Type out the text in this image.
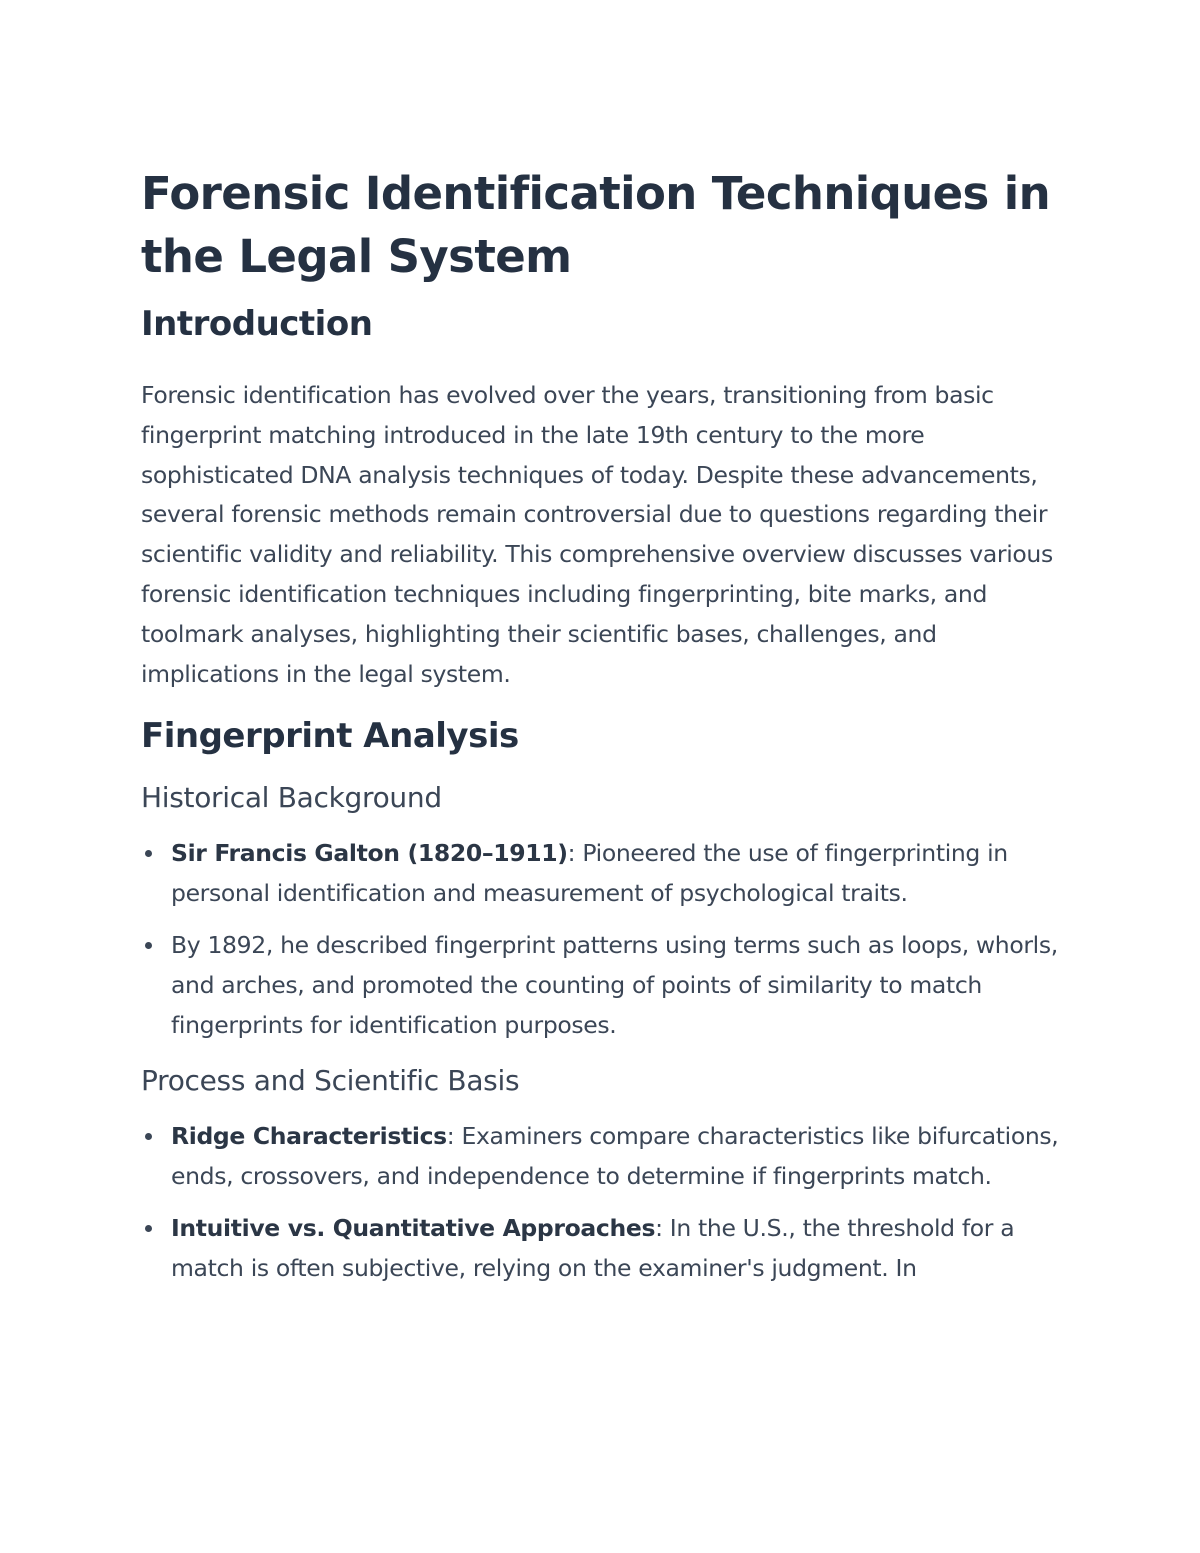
Forensic Identification Techniques in the Legal System
Introduction

Forensic identification has evolved over the years, transitioning from basic fingerprint matching introduced in the late 19th century to the more sophisticated DNA analysis techniques of today. Despite these advancements, several forensic methods remain controversial due to questions regarding their scientific validity and reliability. This comprehensive overview discusses various forensic identification techniques including fingerprinting, bite marks, and toolmark analyses, highlighting their scientific bases, challenges, and implications in the legal system.

Fingerprint Analysis
Historical Background
Sir Francis Galton (1820–1911): Pioneered the use of fingerprinting in personal identification and measurement of psychological traits.
By 1892, he described fingerprint patterns using terms such as loops, whorls, and arches, and promoted the counting of points of similarity to match fingerprints for identification purposes.
Process and Scientific Basis
Ridge Characteristics: Examiners compare characteristics like bifurcations, ends, crossovers, and independence to determine if fingerprints match.
Intuitive vs. Quantitative Approaches: In the U.S., the threshold for a match is often subjective, relying on the examiner's judgment. In
